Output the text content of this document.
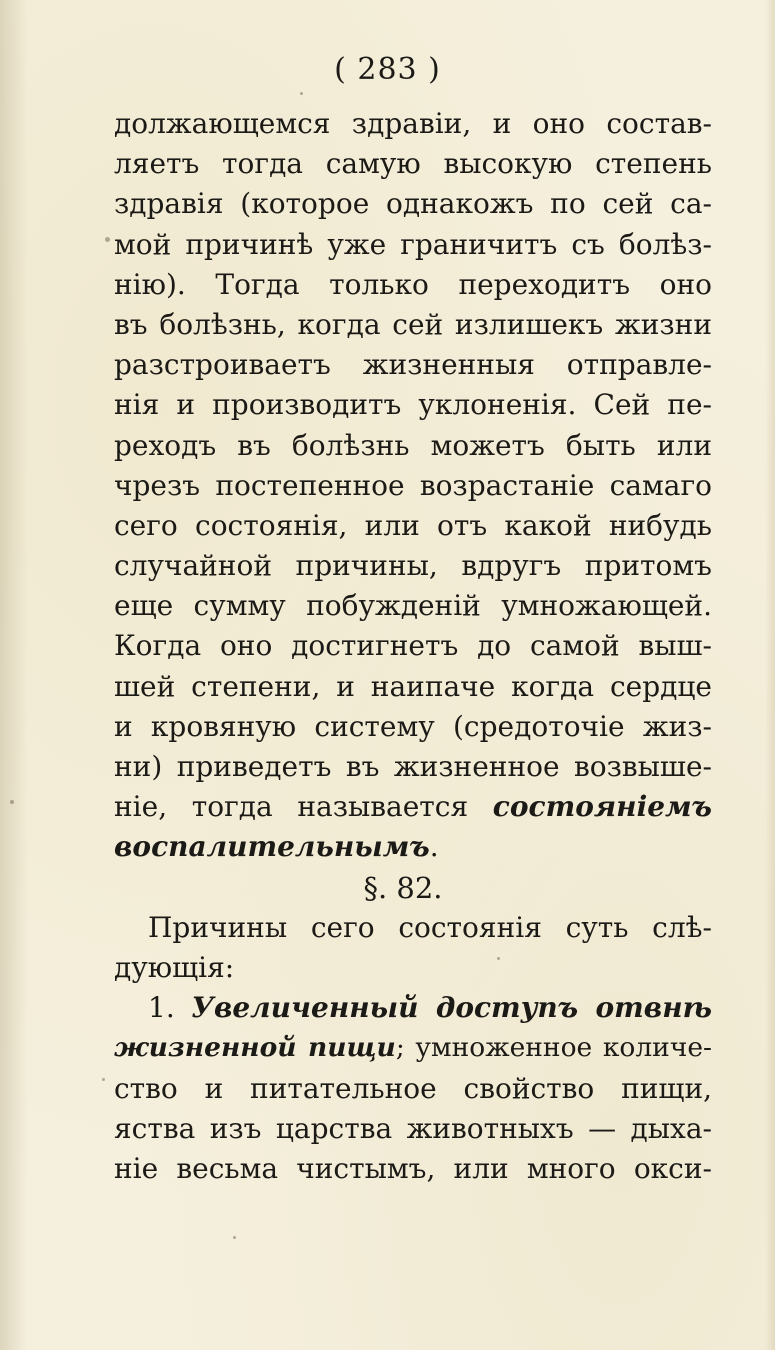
( 283 )
должающемся здравіи, и оно состав-
ляетъ тогда самую высокую степень
здравія (которое однакожъ по сей са-
мой причинѣ уже граничитъ съ болѣз-
нію). Тогда только переходитъ оно
въ болѣзнь, когда сей излишекъ жизни
разстроиваетъ жизненныя отправле-
нія и производитъ уклоненія. Сей пе-
реходъ въ болѣзнь можетъ быть или
чрезъ постепенное возрастаніе самаго
сего состоянія, или отъ какой нибудь
случайной причины, вдругъ притомъ
еще сумму побужденій умножающей.
Когда оно достигнетъ до самой выш-
шей степени, и наипаче когда сердце
и кровяную систему (средоточіе жиз-
ни) приведетъ въ жизненное возвыше-
ніе, тогда называется состояніемъ
воспалительнымъ.
§. 82.
Причины сего состоянія суть слѣ-
дующія:
1. Увеличенный доступъ отвнѣ
жизненной пищи; умноженное количе-
ство и питательное свойство пищи,
яства изъ царства животныхъ — дыха-
ніе весьма чистымъ, или много окси-
